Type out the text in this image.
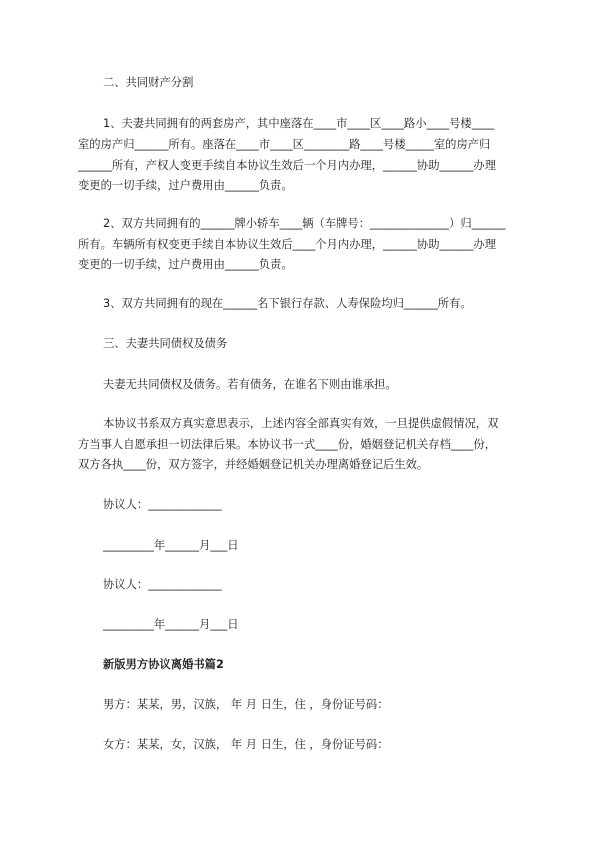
二、共同财产分割
1、夫妻共同拥有的两套房产，其中座落在____市____区____路小____号楼____
室的房产归______所有。座落在____市____区________路____号楼_____室的房产归
______所有，产权人变更手续自本协议生效后一个月内办理，______协助______办理
变更的一切手续，过户费用由______负责。
2、双方共同拥有的______牌小轿车____辆（车牌号：______________）归______
所有。车辆所有权变更手续自本协议生效后____个月内办理，______协助______办理
变更的一切手续，过户费用由______负责。
3、双方共同拥有的现在______名下银行存款、人寿保险均归______所有。
三、夫妻共同债权及债务
夫妻无共同债权及债务。若有债务，在谁名下则由谁承担。
本协议书系双方真实意思表示，上述内容全部真实有效，一旦提供虚假情况，双
方当事人自愿承担一切法律后果。本协议书一式____份，婚姻登记机关存档____份，
双方各执____份，双方签字，并经婚姻登记机关办理离婚登记后生效。
协议人：_____________
_________年______月___日
协议人：_____________
_________年______月___日
新版男方协议离婚书篇2
男方：某某，男，汉族， 年 月 日生，住 ，身份证号码：
女方：某某，女，汉族， 年 月 日生，住 ，身份证号码：
